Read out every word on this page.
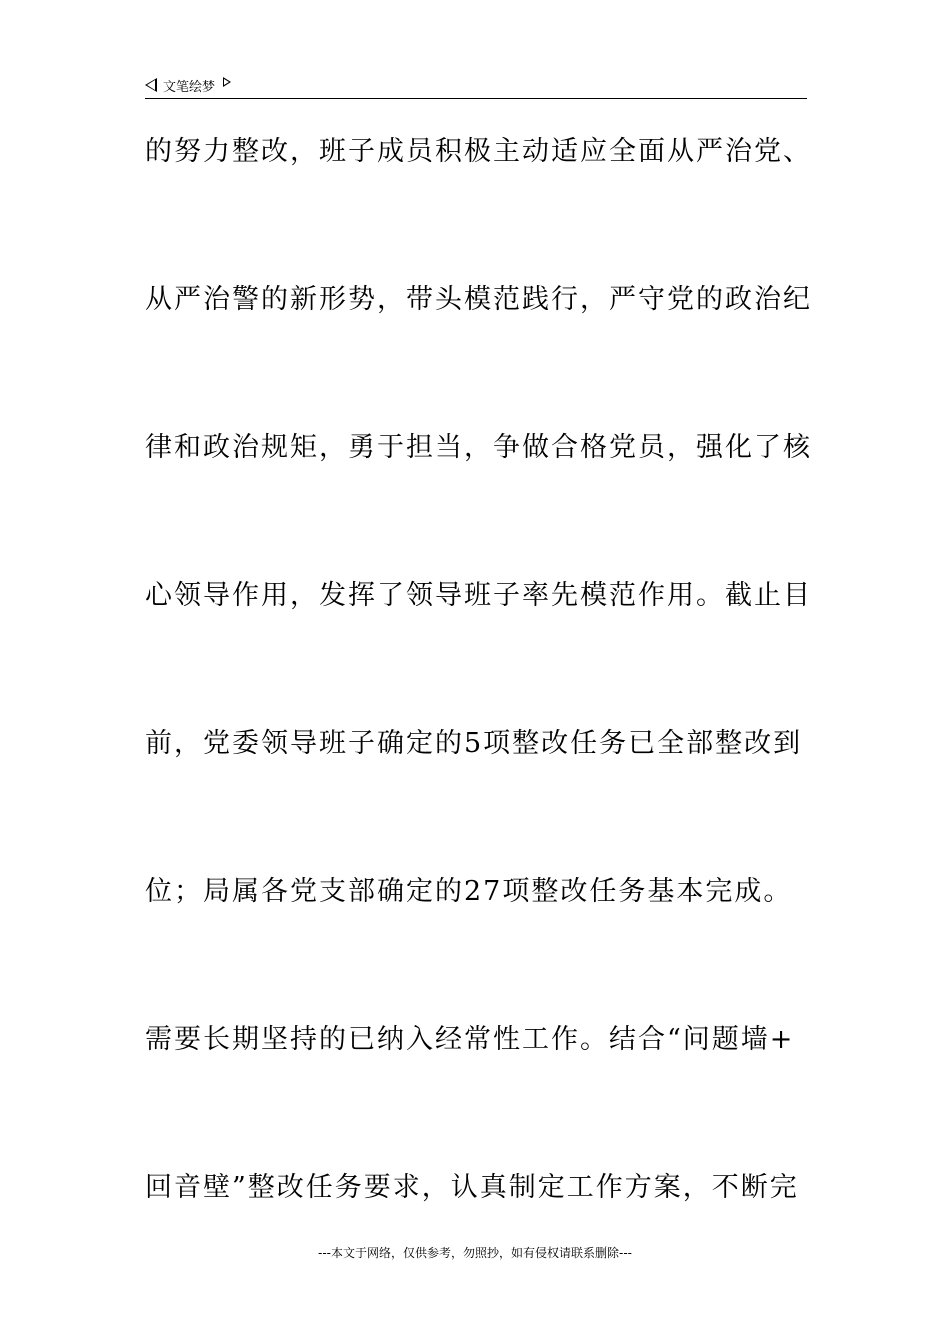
文笔绘梦
的努力整改，班子成员积极主动适应全面从严治党、
从严治警的新形势，带头模范践行，严守党的政治纪
律和政治规矩，勇于担当，争做合格党员，强化了核
心领导作用，发挥了领导班子率先模范作用。截止目
前，党委领导班子确定的5项整改任务已全部整改到
位；局属各党支部确定的27项整改任务基本完成。
需要长期坚持的已纳入经常性工作。结合“问题墙+
回音壁”整改任务要求，认真制定工作方案，不断完
---本文于网络，仅供参考，勿照抄，如有侵权请联系删除---
